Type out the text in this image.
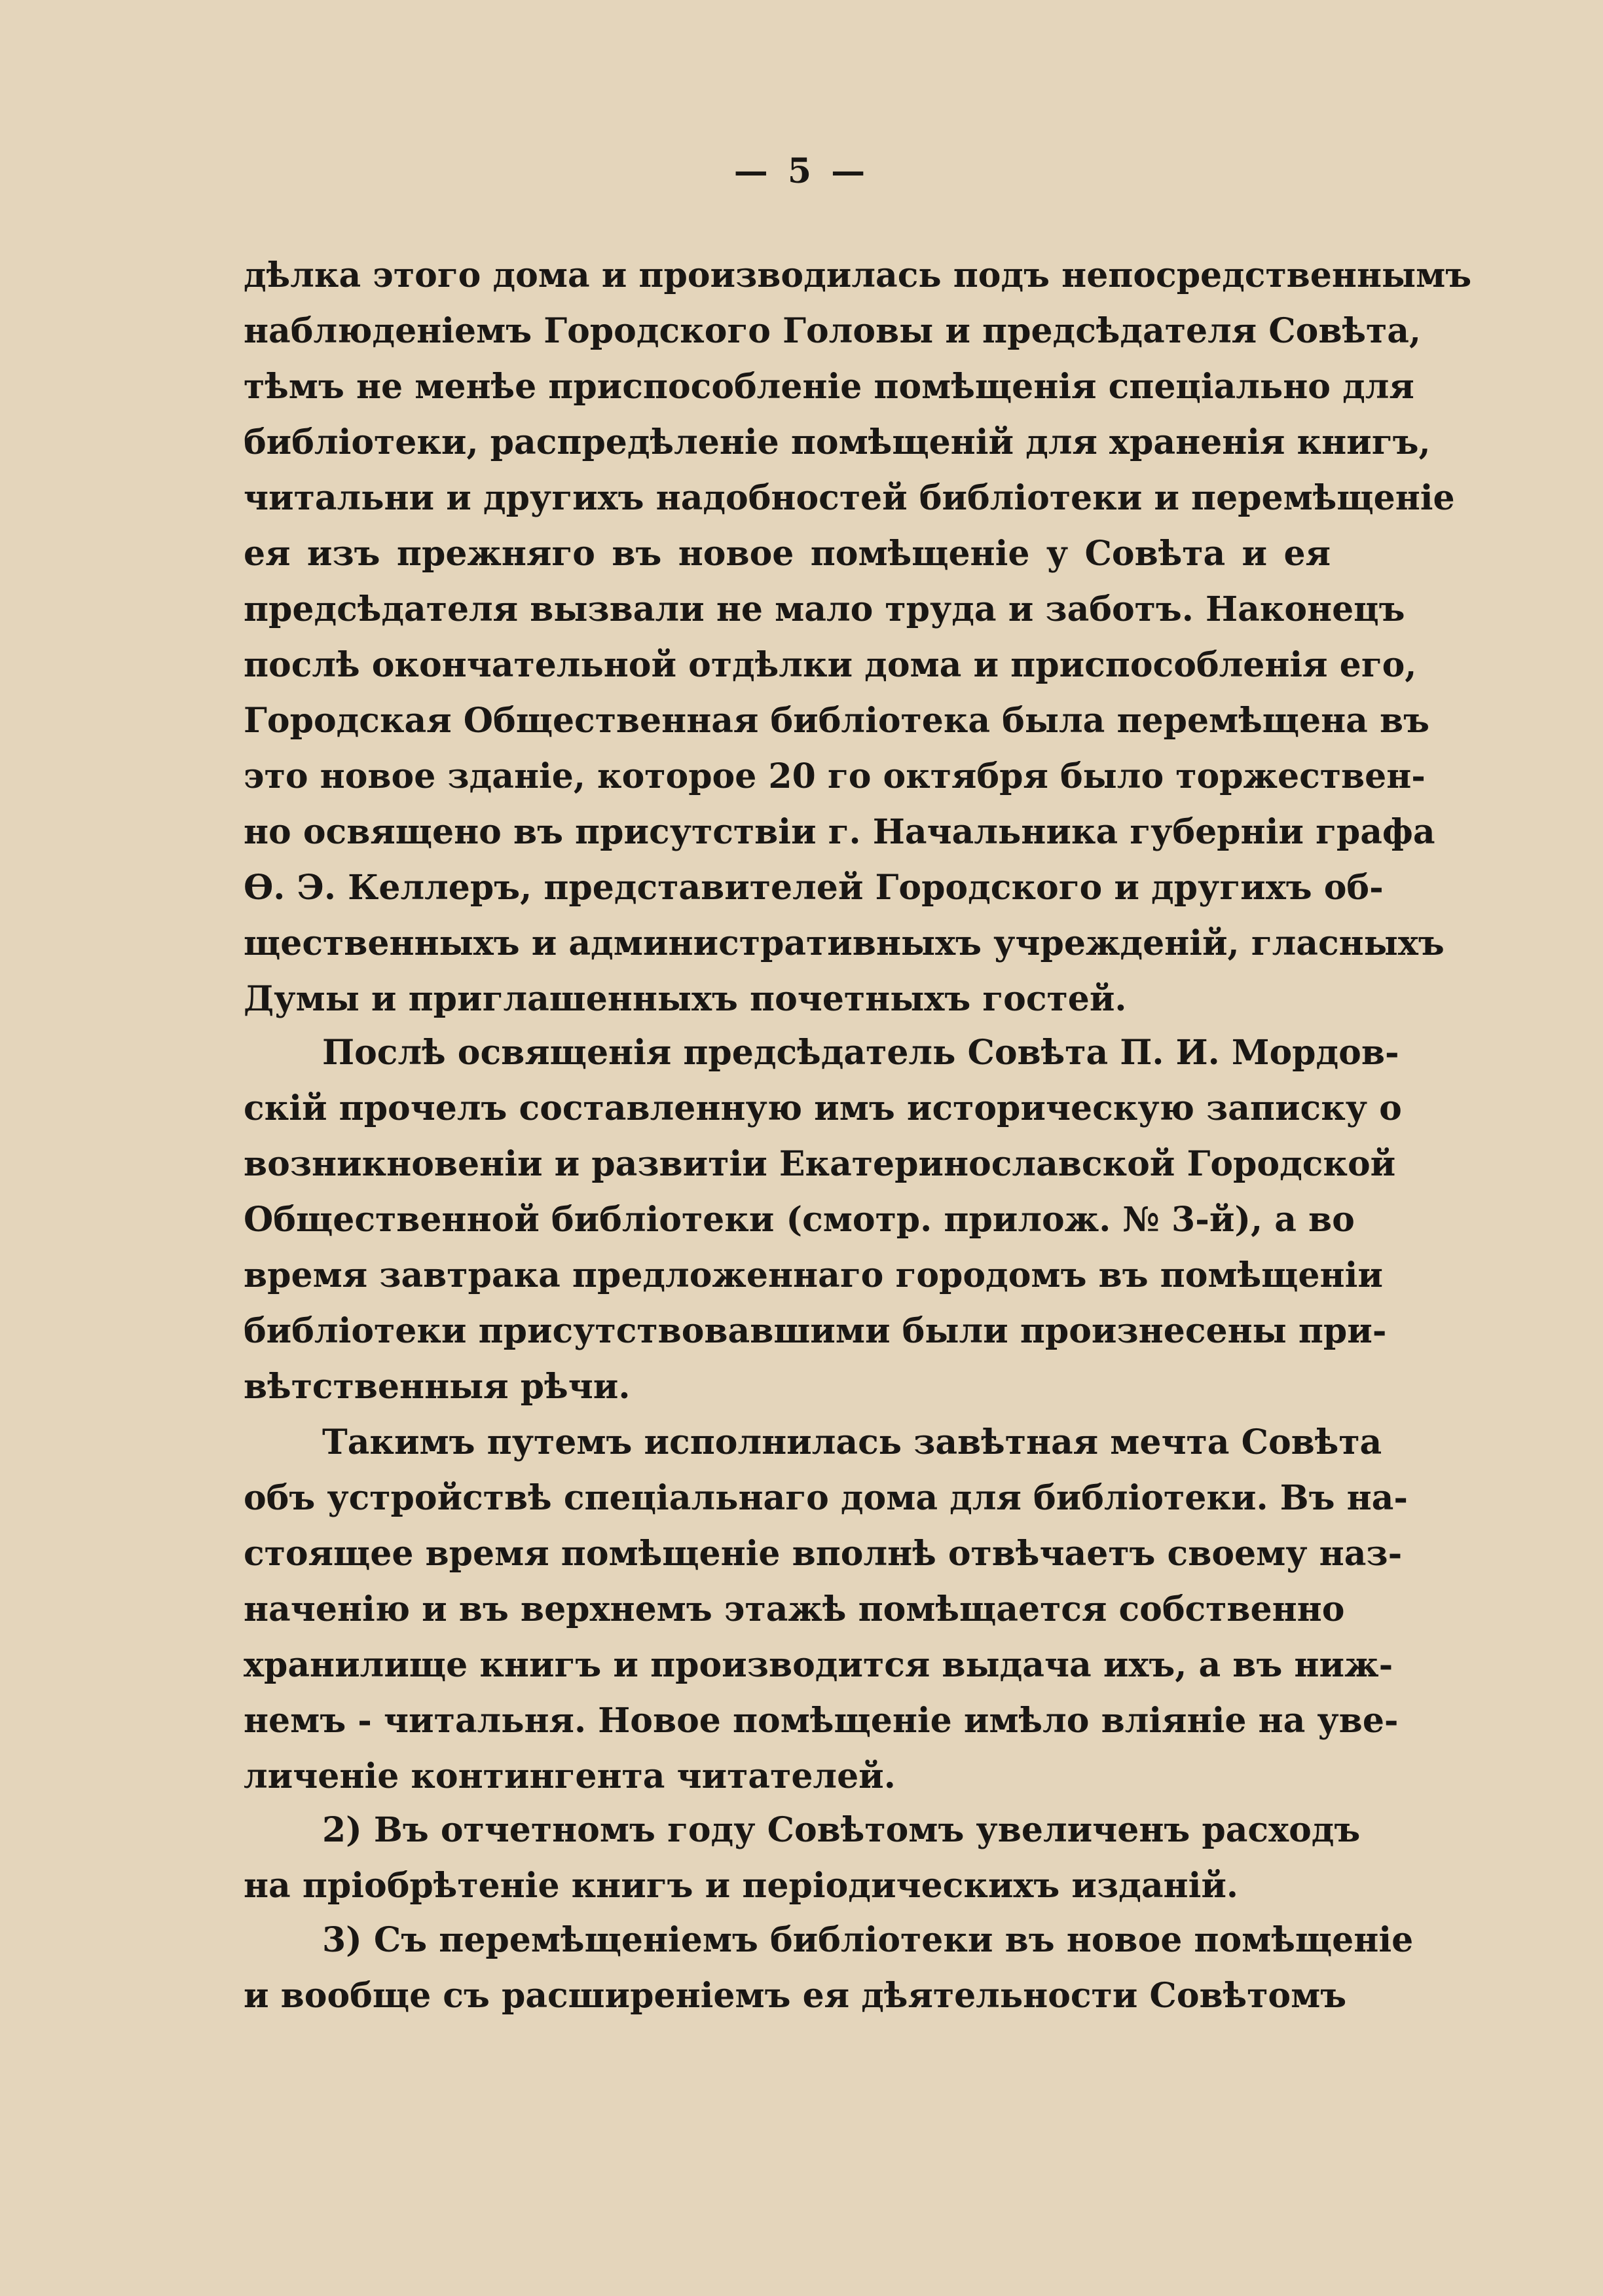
— 5 —
дѣлка этого дома и производилась подъ непосредственнымъ
наблюденіемъ Городского Головы и предсѣдателя Совѣта,
тѣмъ не менѣе приспособленіе помѣщенія спеціально для
библіотеки, распредѣленіе помѣщеній для храненія книгъ,
читальни и другихъ надобностей библіотеки и перемѣщеніе
ея изъ прежняго въ новое помѣщеніе у Совѣта и ея
предсѣдателя вызвали не мало труда и заботъ. Наконецъ
послѣ окончательной отдѣлки дома и приспособленія его,
Городская Общественная библіотека была перемѣщена въ
это новое зданіе, которое 20 го октября было торжествен-
но освящено въ присутствіи г. Начальника губерніи графа
Ѳ. Э. Келлеръ, представителей Городского и другихъ об-
щественныхъ и административныхъ учрежденій, гласныхъ
Думы и приглашенныхъ почетныхъ гостей.
Послѣ освященія предсѣдатель Совѣта П. И. Мордов-
скій прочелъ составленную имъ историческую записку о
возникновеніи и развитіи Екатеринославской Городской
Общественной библіотеки (смотр. прилож. № 3-й), а во
время завтрака предложеннаго городомъ въ помѣщеніи
библіотеки присутствовавшими были произнесены при-
вѣтственныя рѣчи.
Такимъ путемъ исполнилась завѣтная мечта Совѣта
объ устройствѣ спеціальнаго дома для библіотеки. Въ на-
стоящее время помѣщеніе вполнѣ отвѣчаетъ своему наз-
наченію и въ верхнемъ этажѣ помѣщается собственно
хранилище книгъ и производится выдача ихъ, а въ ниж-
немъ - читальня. Новое помѣщеніе имѣло вліяніе на уве-
личеніе контингента читателей.
2) Въ отчетномъ году Совѣтомъ увеличенъ расходъ
на пріобрѣтеніе книгъ и періодическихъ изданій.
3) Съ перемѣщеніемъ библіотеки въ новое помѣщеніе
и вообще съ расширеніемъ ея дѣятельности Совѣтомъ
